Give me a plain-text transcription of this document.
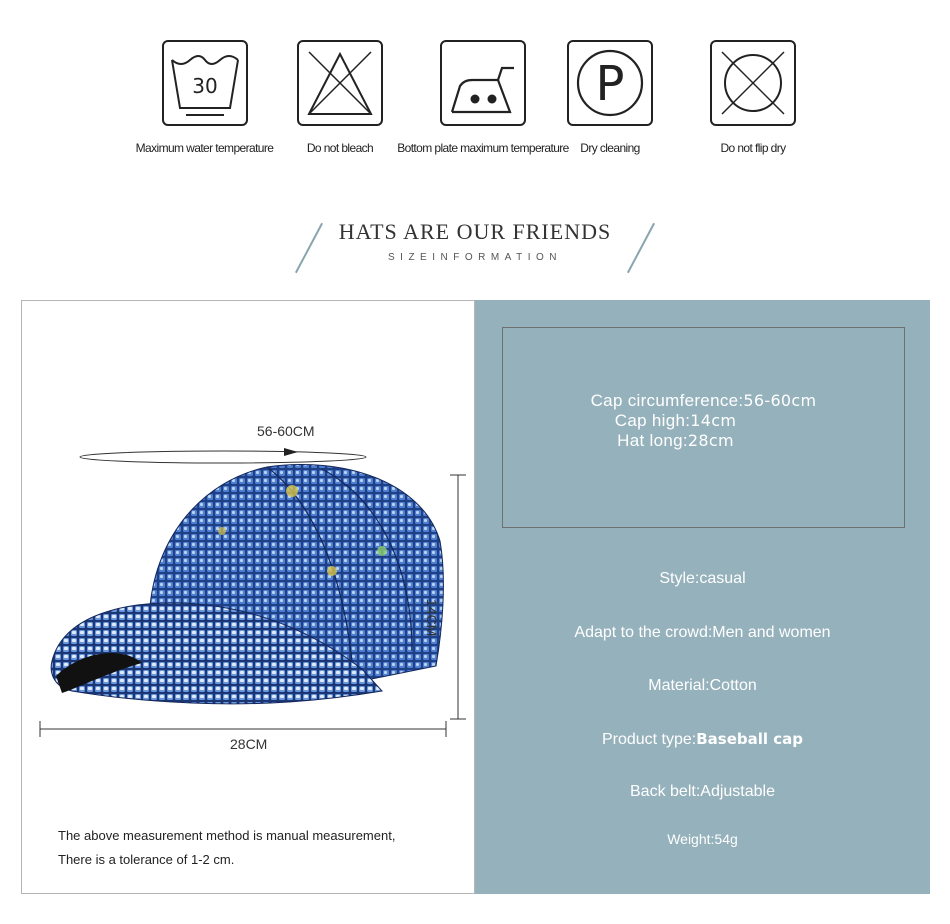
30
Maximum water temperature	Do not bleach	Bottom plate maximum temperature
P
Dry cleaning	Do not flip dry
HATS ARE OUR FRIENDS
SIZEINFORMATION
56-60CM
14CM
28CM
The above measurement method is manual measurement,
There is a tolerance of 1-2 cm.
Cap circumference:56-60cm
Cap high:14cm
Hat long:28cm
Style:casual
Adapt to the crowd:Men and women
Material:Cotton
Product type:Baseball cap
Back belt:Adjustable
Weight:54g
